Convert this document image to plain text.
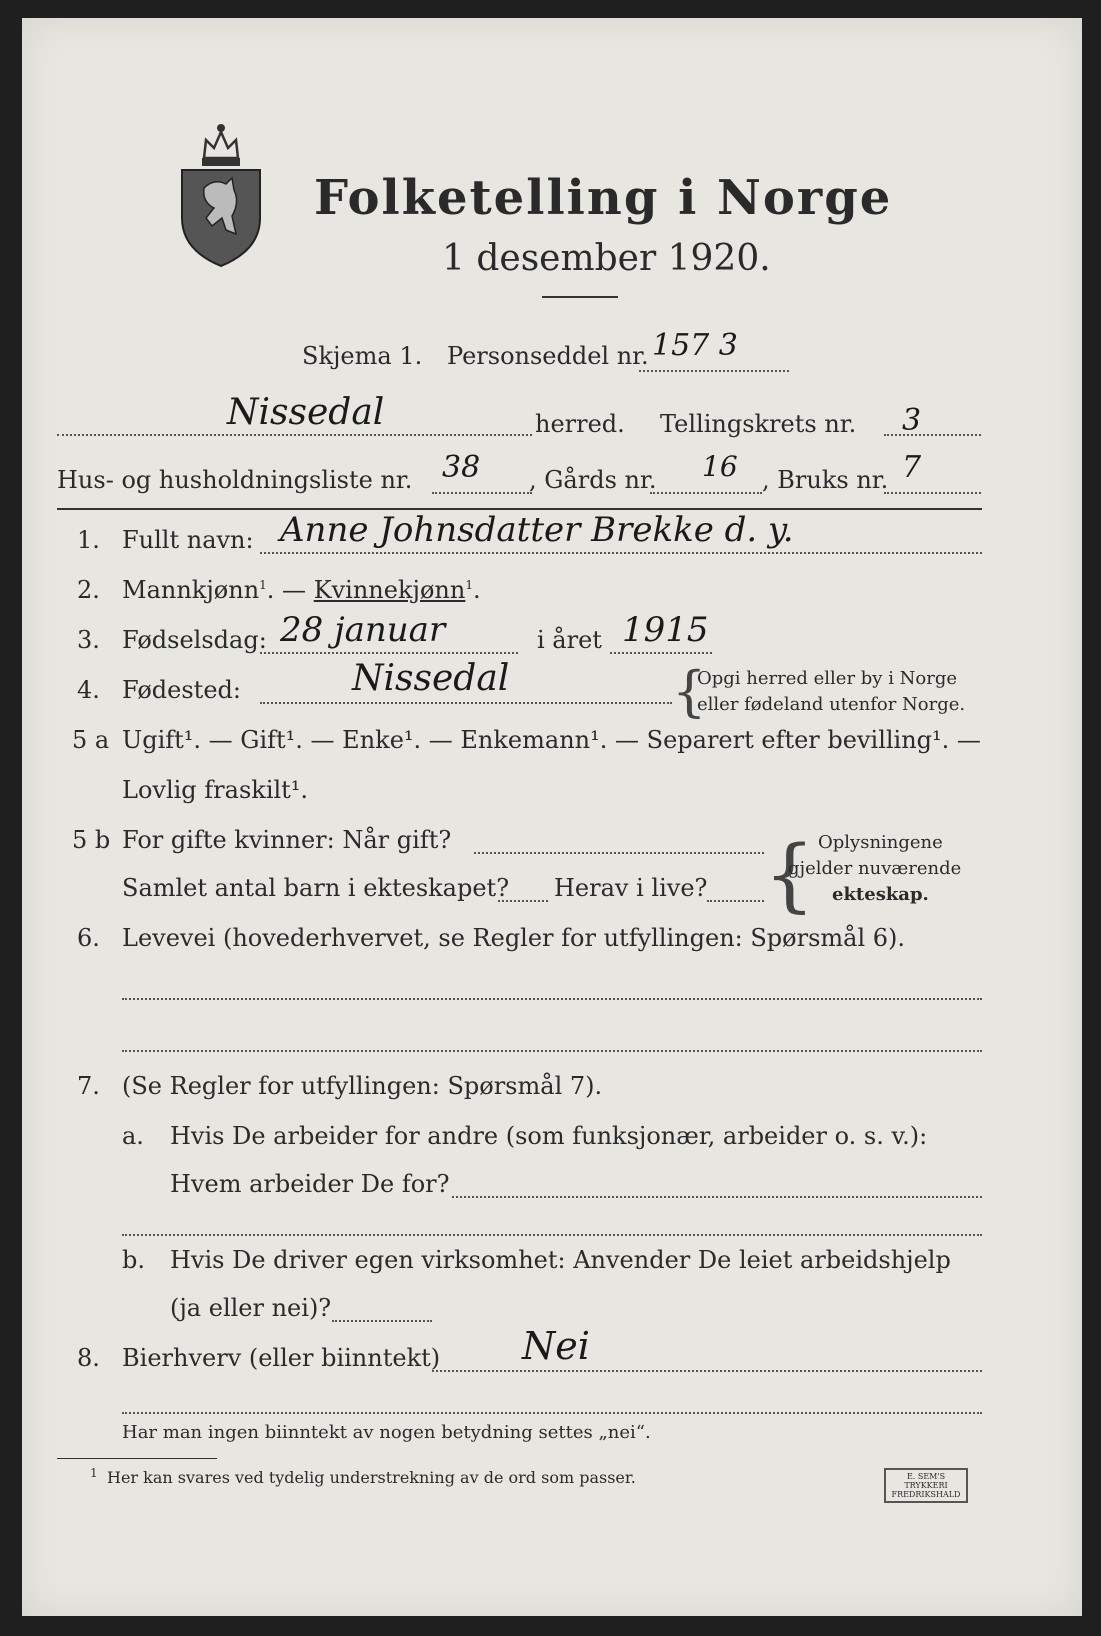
Folketelling i Norge
1 desember 1920.
Skjema 1. Personseddel nr. 157 3
Nissedal	herred. Tellingskrets nr. 3
Hus- og husholdningsliste nr. 38 , Gårds nr. 16 , Bruks nr. 7
1. Fullt navn: Anne Johnsdatter Brekke d. y.
2. Mannkjønn$^1$. — Kvinnekjønn$^1$.
3. Fødselsdag: 28 januar	i året 1915
4. Fødested:	Nissedal	{
Opgi herred eller by i Norge
eller fødeland utenfor Norge.
5 a Ugift¹. — Gift¹. — Enke¹. — Enkemann¹. — Separert efter bevilling¹. —
Lovlig fraskilt¹.
5 b For gifte kvinner: Når gift?
Samlet antal barn i ekteskapet? Herav i live? { Oplysningene
gjelder nuværende
ekteskap.
6. Levevei (hovederhvervet, se Regler for utfyllingen: Spørsmål 6).
7. (Se Regler for utfyllingen: Spørsmål 7).
a. Hvis De arbeider for andre (som funksjonær, arbeider o. s. v.):
Hvem arbeider De for?
b. Hvis De driver egen virksomhet: Anvender De leiet arbeidshjelp
(ja eller nei)?
8. Bierhverv (eller biinntekt) Nei
Har man ingen biinntekt av nogen betydning settes „nei“.
1 Her kan svares ved tydelig understrekning av de ord som passer.	E. SEM'S TRYKKERI FREDRIKSHALD
